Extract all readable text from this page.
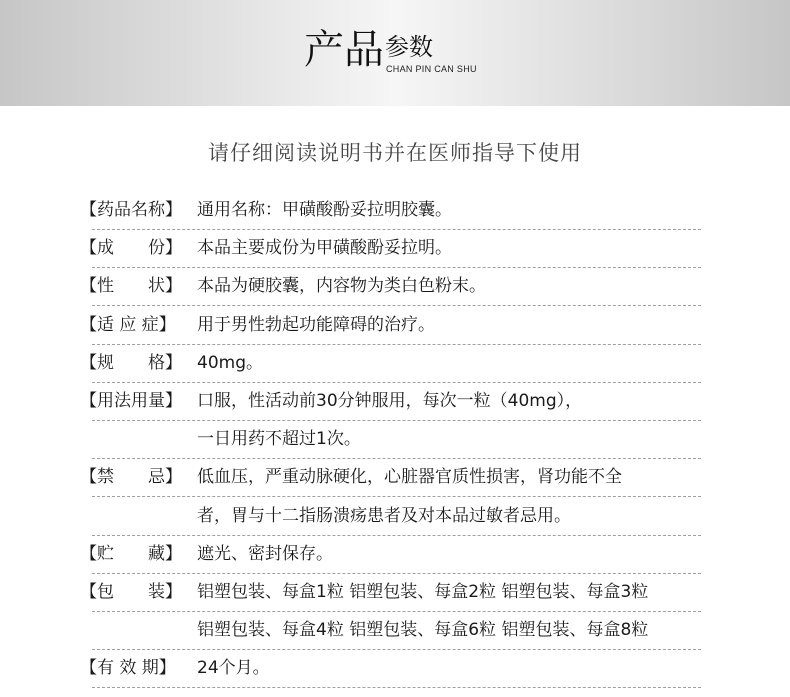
产品 参数
CHAN PIN CAN SHU
请仔细阅读说明书并在医师指导下使用
【药品名称】 通用名称：甲磺酸酚妥拉明胶囊。
【成　　份】 本品主要成份为甲磺酸酚妥拉明。
【性　　状】 本品为硬胶囊，内容物为类白色粉末。
【适 应 症】 用于男性勃起功能障碍的治疗。
【规　　格】 40mg。
【用法用量】 口服，性活动前30分钟服用，每次一粒（40mg），
一日用药不超过1次。
【禁　　忌】 低血压，严重动脉硬化，心脏器官质性损害，肾功能不全
者，胃与十二指肠溃疡患者及对本品过敏者忌用。
【贮　　藏】 遮光、密封保存。
【包　　装】 铝塑包装、每盒1粒 铝塑包装、每盒2粒 铝塑包装、每盒3粒
铝塑包装、每盒4粒 铝塑包装、每盒6粒 铝塑包装、每盒8粒
【有 效 期】 24个月。
